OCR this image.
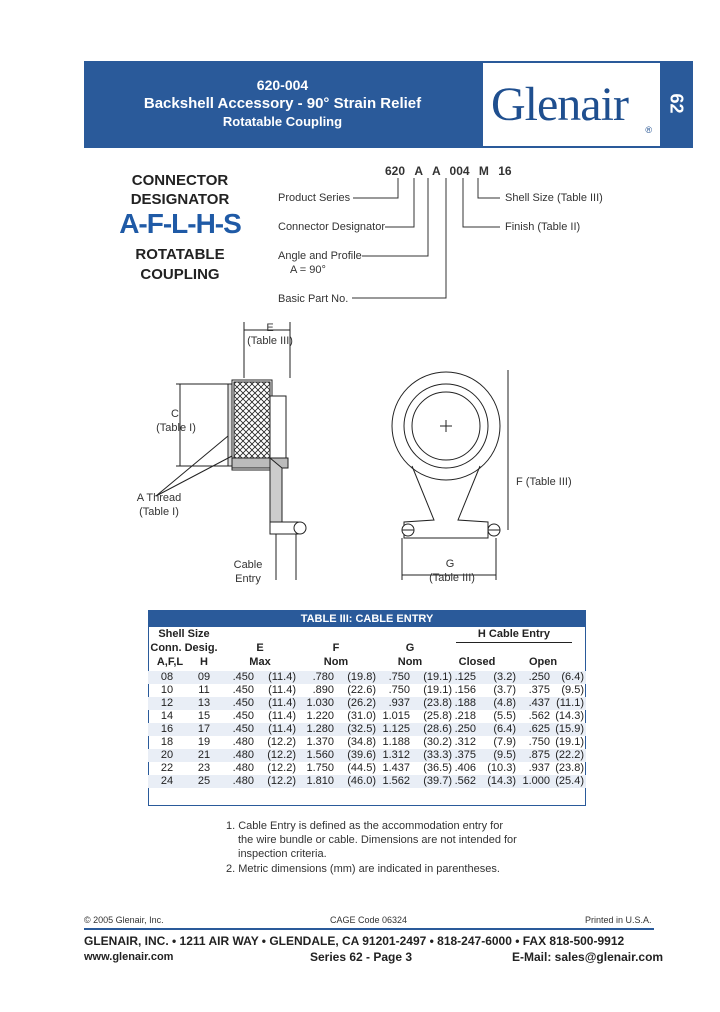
620-004
Backshell Accessory - 90° Strain Relief
Rotatable Coupling	Glenair ®
62
CONNECTOR
DESIGNATOR
A-F-L-H-S
ROTATABLE
COUPLING
620 A A 004 M 16
Product Series
Connector Designator
Angle and Profile
A = 90°
Basic Part No.
Shell Size (Table III)
Finish (Table II)
E
(Table III)
C
(Table I)
A Thread
(Table I)
Cable
Entry
F (Table III)
G
(Table III)
TABLE III: CABLE ENTRY
Shell Size
Conn. Desig.
A,F,L	H
E
Max
F
Nom
G
Nom
H Cable Entry
Closed	Open
08	09	.450	(11.4)	.780	(19.8)	.750	(19.1) .125	(3.2)	.250	(6.4)
10	11	.450	(11.4)	.890	(22.6)	.750	(19.1) .156	(3.7)	.375	(9.5)
12	13	.450	(11.4) 1.030	(26.2)	.937	(23.8) .188	(4.8)	.437 (11.1)
14	15	.450	(11.4) 1.220	(31.0) 1.015	(25.8) .218	(5.5)	.562 (14.3)
16	17	.450	(11.4) 1.280	(32.5) 1.125	(28.6) .250	(6.4)	.625 (15.9)
18	19	.480	(12.2) 1.370	(34.8) 1.188	(30.2) .312	(7.9)	.750 (19.1)
20	21	.480	(12.2) 1.560	(39.6) 1.312	(33.3) .375	(9.5)	.875 (22.2)
22	23	.480	(12.2) 1.750	(44.5) 1.437	(36.5) .406	(10.3)	.937 (23.8)
24	25	.480	(12.2) 1.810	(46.0) 1.562	(39.7) .562	(14.3) 1.000 (25.4)
1. Cable Entry is defined as the accommodation entry for
the wire bundle or cable. Dimensions are not intended for
inspection criteria.
2. Metric dimensions (mm) are indicated in parentheses.
© 2005 Glenair, Inc.	CAGE Code 06324	Printed in U.S.A.
GLENAIR, INC. • 1211 AIR WAY • GLENDALE, CA 91201-2497 • 818-247-6000 • FAX 818-500-9912
www.glenair.com	Series 62 - Page 3	E-Mail: sales@glenair.com
